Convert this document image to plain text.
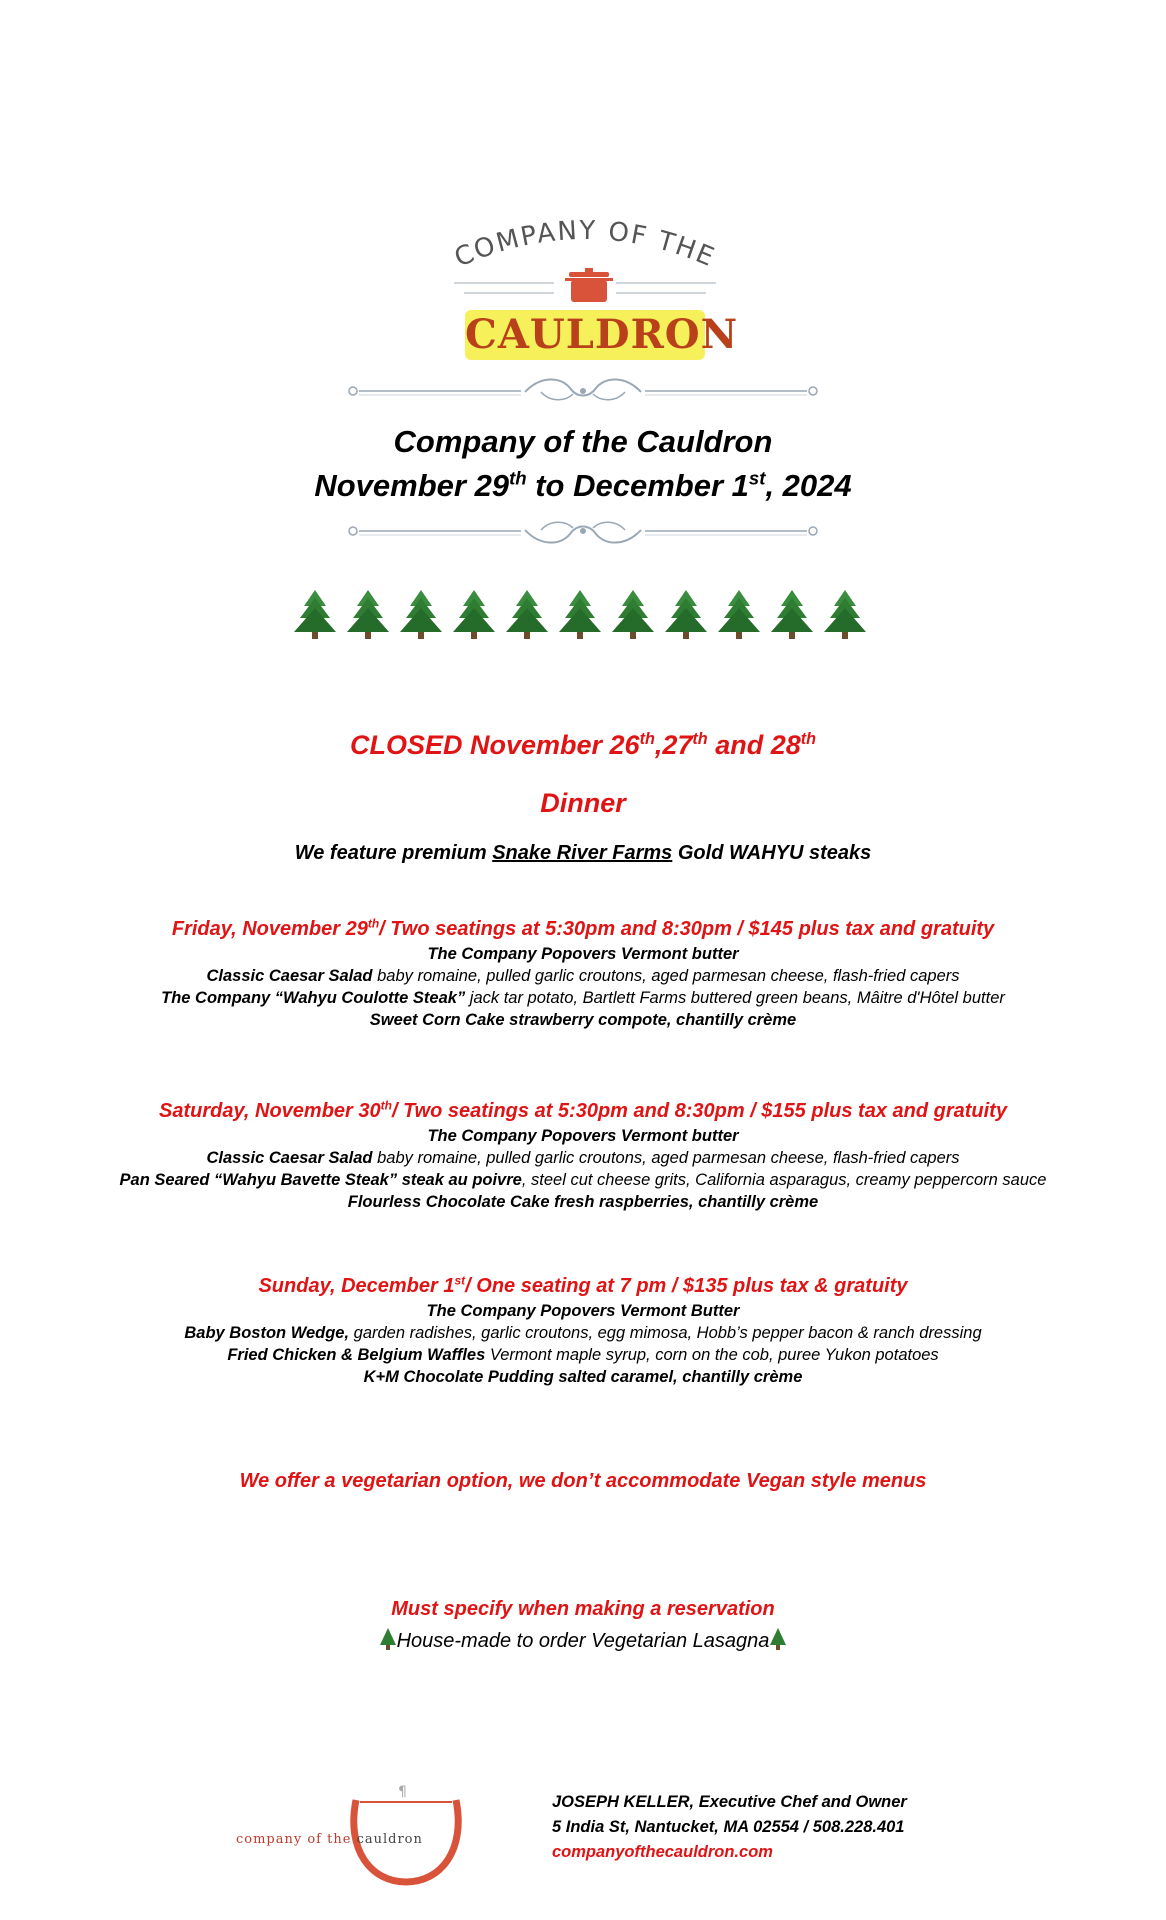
COMPANY OF THE
CAULDRON
Company of the Cauldron
November 29th to December 1st, 2024
CLOSED November 26th,27th and 28th
Dinner
We feature premium Snake River Farms Gold WAHYU steaks
Friday, November 29th/ Two seatings at 5:30pm and 8:30pm / $145 plus tax and gratuity
The Company Popovers Vermont butter
Classic Caesar Salad baby romaine, pulled garlic croutons, aged parmesan cheese, flash-fried capers
The Company “Wahyu Coulotte Steak” jack tar potato, Bartlett Farms buttered green beans, Mâitre d'Hôtel butter
Sweet Corn Cake strawberry compote, chantilly crème
Saturday, November 30th/ Two seatings at 5:30pm and 8:30pm / $155 plus tax and gratuity
The Company Popovers Vermont butter
Classic Caesar Salad baby romaine, pulled garlic croutons, aged parmesan cheese, flash-fried capers
Pan Seared “Wahyu Bavette Steak” steak au poivre, steel cut cheese grits, California asparagus, creamy peppercorn sauce
Flourless Chocolate Cake fresh raspberries, chantilly crème
Sunday, December 1st/ One seating at 7 pm / $135 plus tax & gratuity
The Company Popovers Vermont Butter
Baby Boston Wedge, garden radishes, garlic croutons, egg mimosa, Hobb’s pepper bacon & ranch dressing
Fried Chicken & Belgium Waffles Vermont maple syrup, corn on the cob, puree Yukon potatoes
K+M Chocolate Pudding salted caramel, chantilly crème
We offer a vegetarian option, we don’t accommodate Vegan style menus
Must specify when making a reservation
House-made to order Vegetarian Lasagna
¶
company of the cauldron
JOSEPH KELLER, Executive Chef and Owner
5 India St, Nantucket, MA 02554 / 508.228.401
companyofthecauldron.com
